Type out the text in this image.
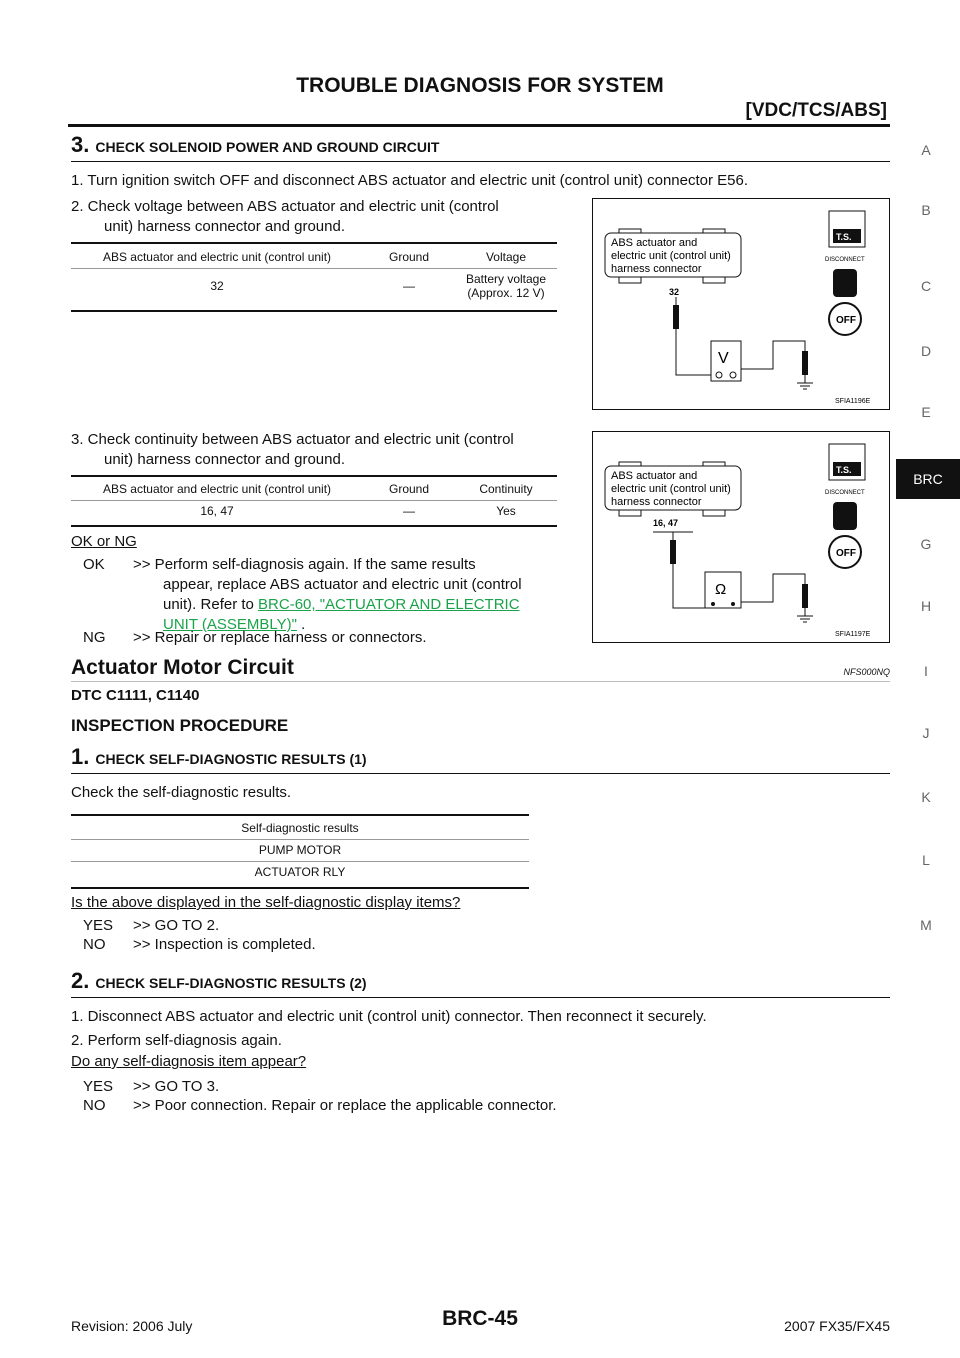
TROUBLE DIAGNOSIS FOR SYSTEM
[VDC/TCS/ABS]
3. CHECK SOLENOID POWER AND GROUND CIRCUIT
1. Turn ignition switch OFF and disconnect ABS actuator and electric unit (control unit) connector E56.
2. Check voltage between ABS actuator and electric unit (control
unit) harness connector and ground.
ABS actuator and electric unit (control unit)	Ground	Voltage
32	—	Battery voltage
(Approx. 12 V)
ABS actuator and
electric unit (control unit)
harness connector
32
V
T.S.
DISCONNECT
OFF
SFIA1196E
3. Check continuity between ABS actuator and electric unit (control
unit) harness connector and ground.
ABS actuator and electric unit (control unit)	Ground	Continuity
16, 47	—	Yes
ABS actuator and
electric unit (control unit)
harness connector
16, 47
Ω
T.S.
DISCONNECT
OFF
SFIA1197E
OK or NG
OK	>> Perform self-diagnosis again. If the same results
appear, replace ABS actuator and electric unit (control
unit). Refer to BRC-60, "ACTUATOR AND ELECTRIC
UNIT (ASSEMBLY)" .
NG >> Repair or replace harness or connectors.
Actuator Motor Circuit	NFS000NQ
DTC C1111, C1140
INSPECTION PROCEDURE
1. CHECK SELF-DIAGNOSTIC RESULTS (1)
Check the self-diagnostic results.
Self-diagnostic results
PUMP MOTOR
ACTUATOR RLY
Is the above displayed in the self-diagnostic display items?
YES >> GO TO 2.
NO >> Inspection is completed.
2. CHECK SELF-DIAGNOSTIC RESULTS (2)
1. Disconnect ABS actuator and electric unit (control unit) connector. Then reconnect it securely.
2. Perform self-diagnosis again.
Do any self-diagnosis item appear?
YES >> GO TO 3.
NO >> Poor connection. Repair or replace the applicable connector.
Revision: 2006 July	BRC-45	2007 FX35/FX45
A
B
C
D
E
BRC
G
H
I
J
K
L
M
